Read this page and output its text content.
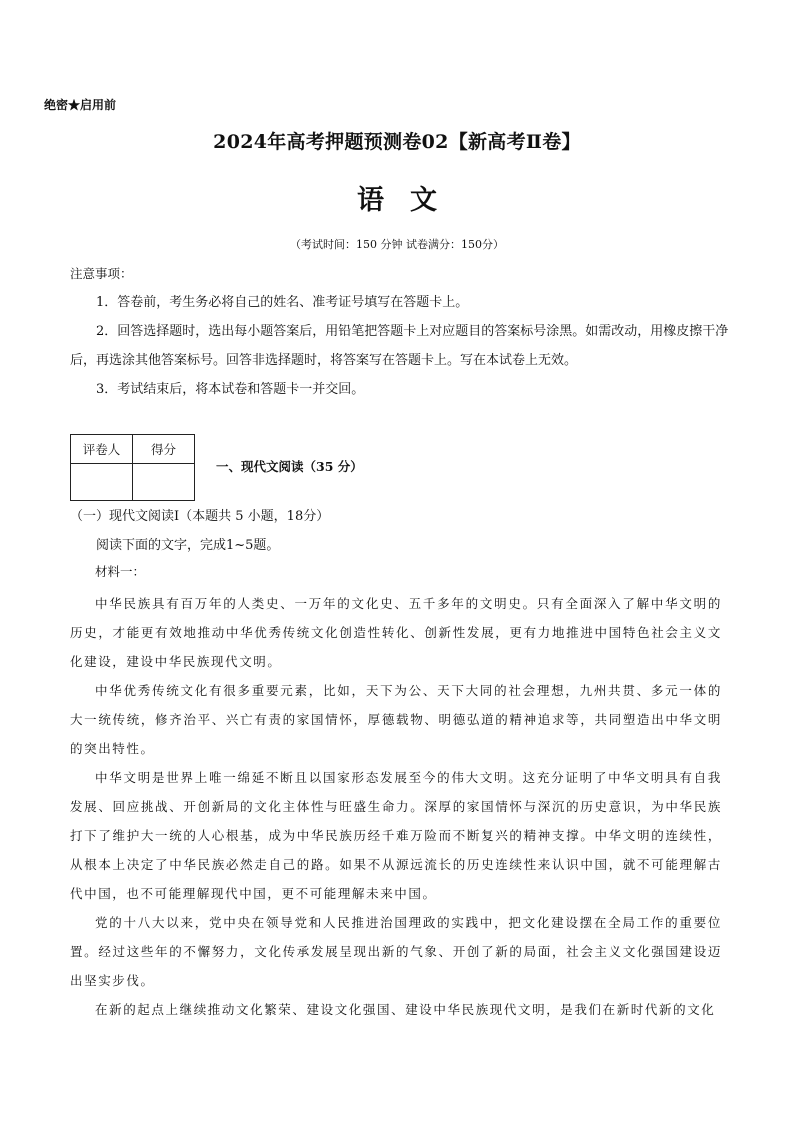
绝密★启用前
2024年高考押题预测卷02【新高考Ⅱ卷】
语文
（考试时间：150 分钟 试卷满分：150分）
注意事项：

1．答卷前，考生务必将自己的姓名、准考证号填写在答题卡上。

2．回答选择题时，选出每小题答案后，用铅笔把答题卡上对应题目的答案标号涂黑。如需改动，用橡皮擦干净后，再选涂其他答案标号。回答非选择题时，将答案写在答题卡上。写在本试卷上无效。

3．考试结束后，将本试卷和答题卡一并交回。

评卷人	得分

一、现代文阅读（35 分）
（一）现代文阅读Ⅰ（本题共 5 小题，18分）
阅读下面的文字，完成1~5题。
材料一：

中华民族具有百万年的人类史、一万年的文化史、五千多年的文明史。只有全面深入了解中华文明的历史，才能更有效地推动中华优秀传统文化创造性转化、创新性发展，更有力地推进中国特色社会主义文化建设，建设中华民族现代文明。

中华优秀传统文化有很多重要元素，比如，天下为公、天下大同的社会理想，九州共贯、多元一体的大一统传统，修齐治平、兴亡有责的家国情怀，厚德载物、明德弘道的精神追求等，共同塑造出中华文明的突出特性。

中华文明是世界上唯一绵延不断且以国家形态发展至今的伟大文明。这充分证明了中华文明具有自我发展、回应挑战、开创新局的文化主体性与旺盛生命力。深厚的家国情怀与深沉的历史意识，为中华民族打下了维护大一统的人心根基，成为中华民族历经千难万险而不断复兴的精神支撑。中华文明的连续性，从根本上决定了中华民族必然走自己的路。如果不从源远流长的历史连续性来认识中国，就不可能理解古代中国，也不可能理解现代中国，更不可能理解未来中国。

党的十八大以来，党中央在领导党和人民推进治国理政的实践中，把文化建设摆在全局工作的重要位置。经过这些年的不懈努力，文化传承发展呈现出新的气象、开创了新的局面，社会主义文化强国建设迈出坚实步伐。

在新的起点上继续推动文化繁荣、建设文化强国、建设中华民族现代文明，是我们在新时代新的文化
